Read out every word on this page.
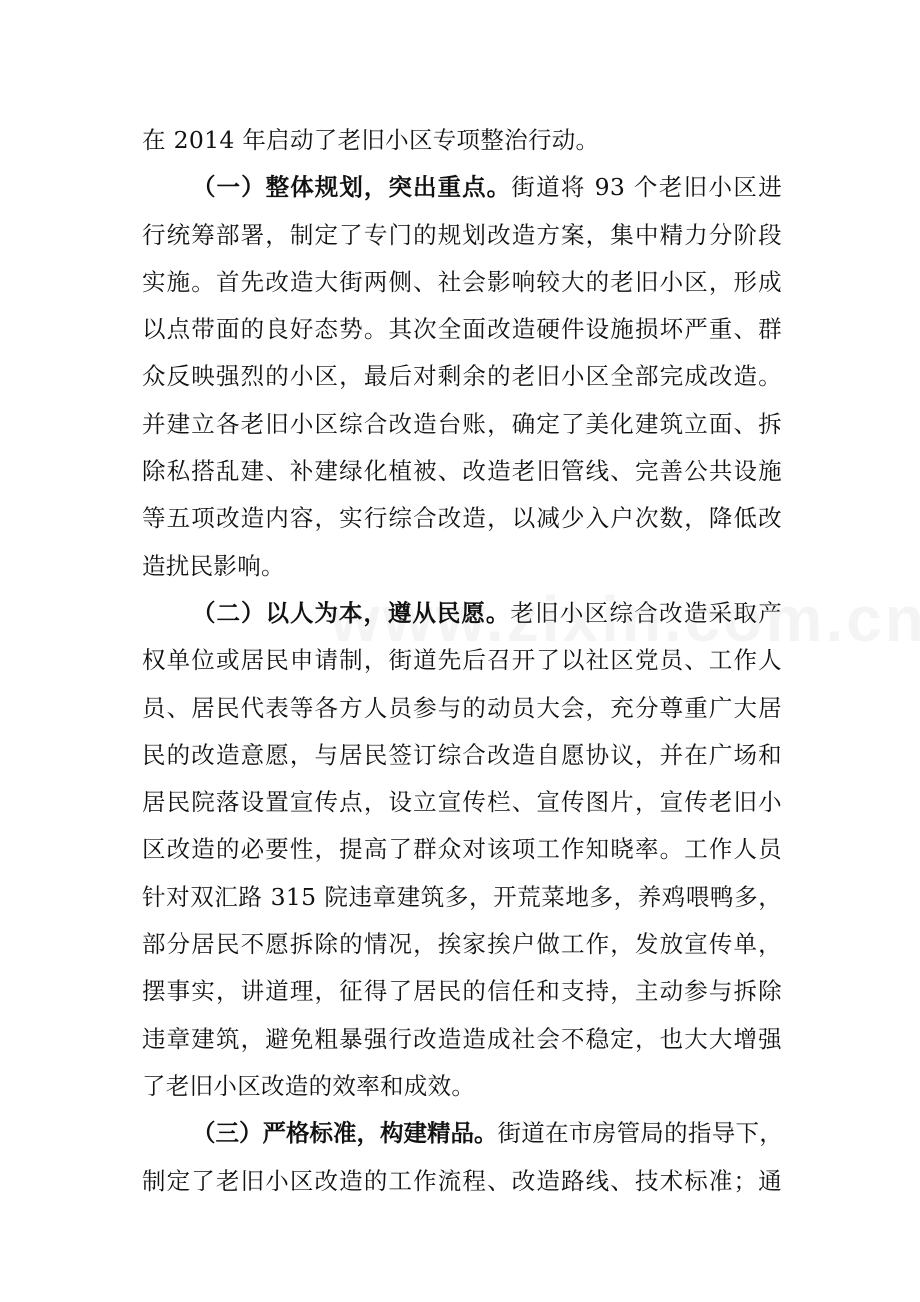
在 2014 年启动了老旧小区专项整治行动。
（一）整体规划，突出重点。街道将 93 个老旧小区进
行统筹部署，制定了专门的规划改造方案，集中精力分阶段
实施。首先改造大街两侧、社会影响较大的老旧小区，形成
以点带面的良好态势。其次全面改造硬件设施损坏严重、群
众反映强烈的小区，最后对剩余的老旧小区全部完成改造。
并建立各老旧小区综合改造台账，确定了美化建筑立面、拆
除私搭乱建、补建绿化植被、改造老旧管线、完善公共设施
等五项改造内容，实行综合改造，以减少入户次数，降低改
造扰民影响。
（二）以人为本，遵从民愿。老旧小区综合改造采取产
权单位或居民申请制，街道先后召开了以社区党员、工作人
员、居民代表等各方人员参与的动员大会，充分尊重广大居
民的改造意愿，与居民签订综合改造自愿协议，并在广场和
居民院落设置宣传点，设立宣传栏、宣传图片，宣传老旧小
区改造的必要性，提高了群众对该项工作知晓率。工作人员
针对双汇路 315 院违章建筑多，开荒菜地多，养鸡喂鸭多，
部分居民不愿拆除的情况，挨家挨户做工作，发放宣传单，
摆事实，讲道理，征得了居民的信任和支持，主动参与拆除
违章建筑，避免粗暴强行改造造成社会不稳定，也大大增强
了老旧小区改造的效率和成效。
（三）严格标准，构建精品。街道在市房管局的指导下，
制定了老旧小区改造的工作流程、改造路线、技术标准；通
